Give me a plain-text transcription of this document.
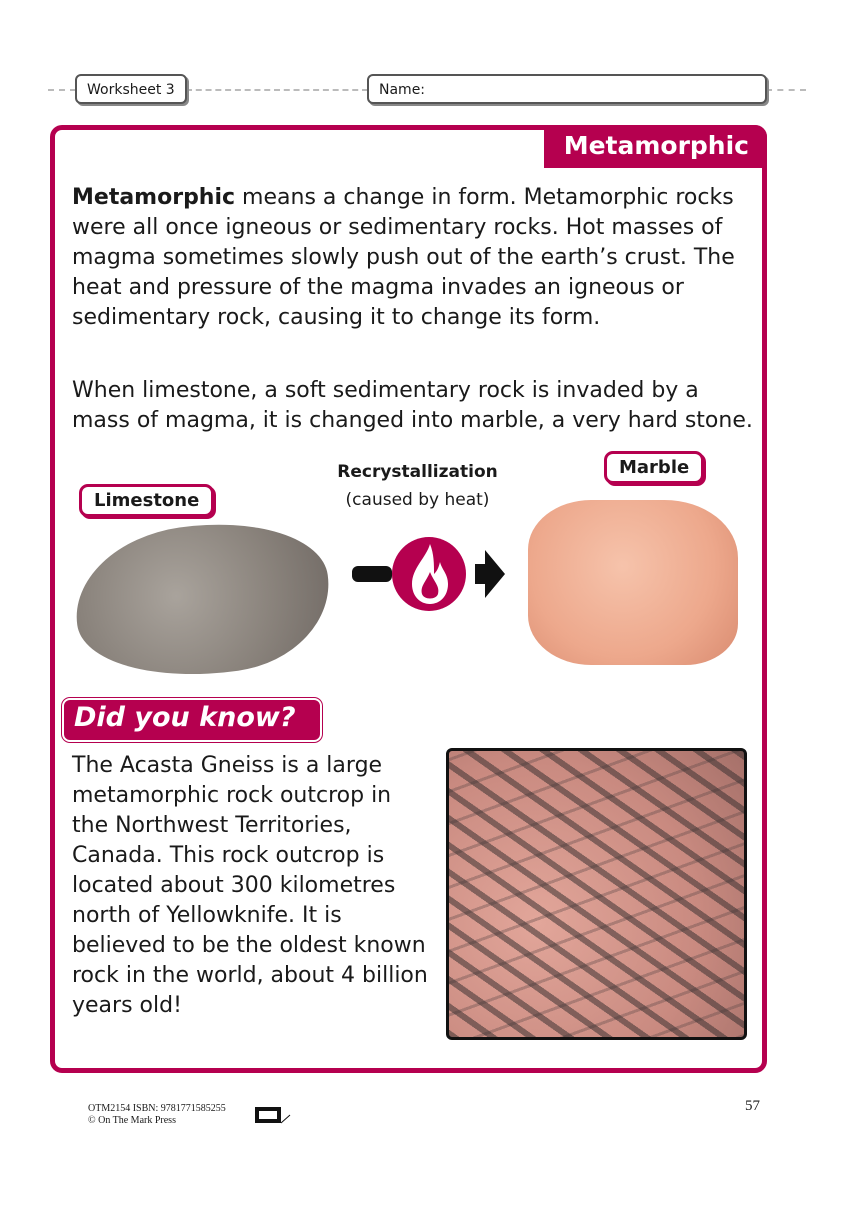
Worksheet 3	Name:
Metamorphic
Metamorphic means a change in form. Metamorphic rocks were all once igneous or sedimentary rocks. Hot masses of magma sometimes slowly push out of the earth’s crust. The heat and pressure of the magma invades an igneous or sedimentary rock, causing it to change its form.
When limestone, a soft sedimentary rock is invaded by a mass of magma, it is changed into marble, a very hard stone.
Limestone
Marble
Recrystallization
(caused by heat)
Did you know?
The Acasta Gneiss is a large metamorphic rock outcrop in the Northwest Territories, Canada. This rock outcrop is located about 300 kilometres north of Yellowknife. It is believed to be the oldest known rock in the world, about 4 billion years old!
OTM2154 ISBN: 9781771585255
© On The Mark Press
57
